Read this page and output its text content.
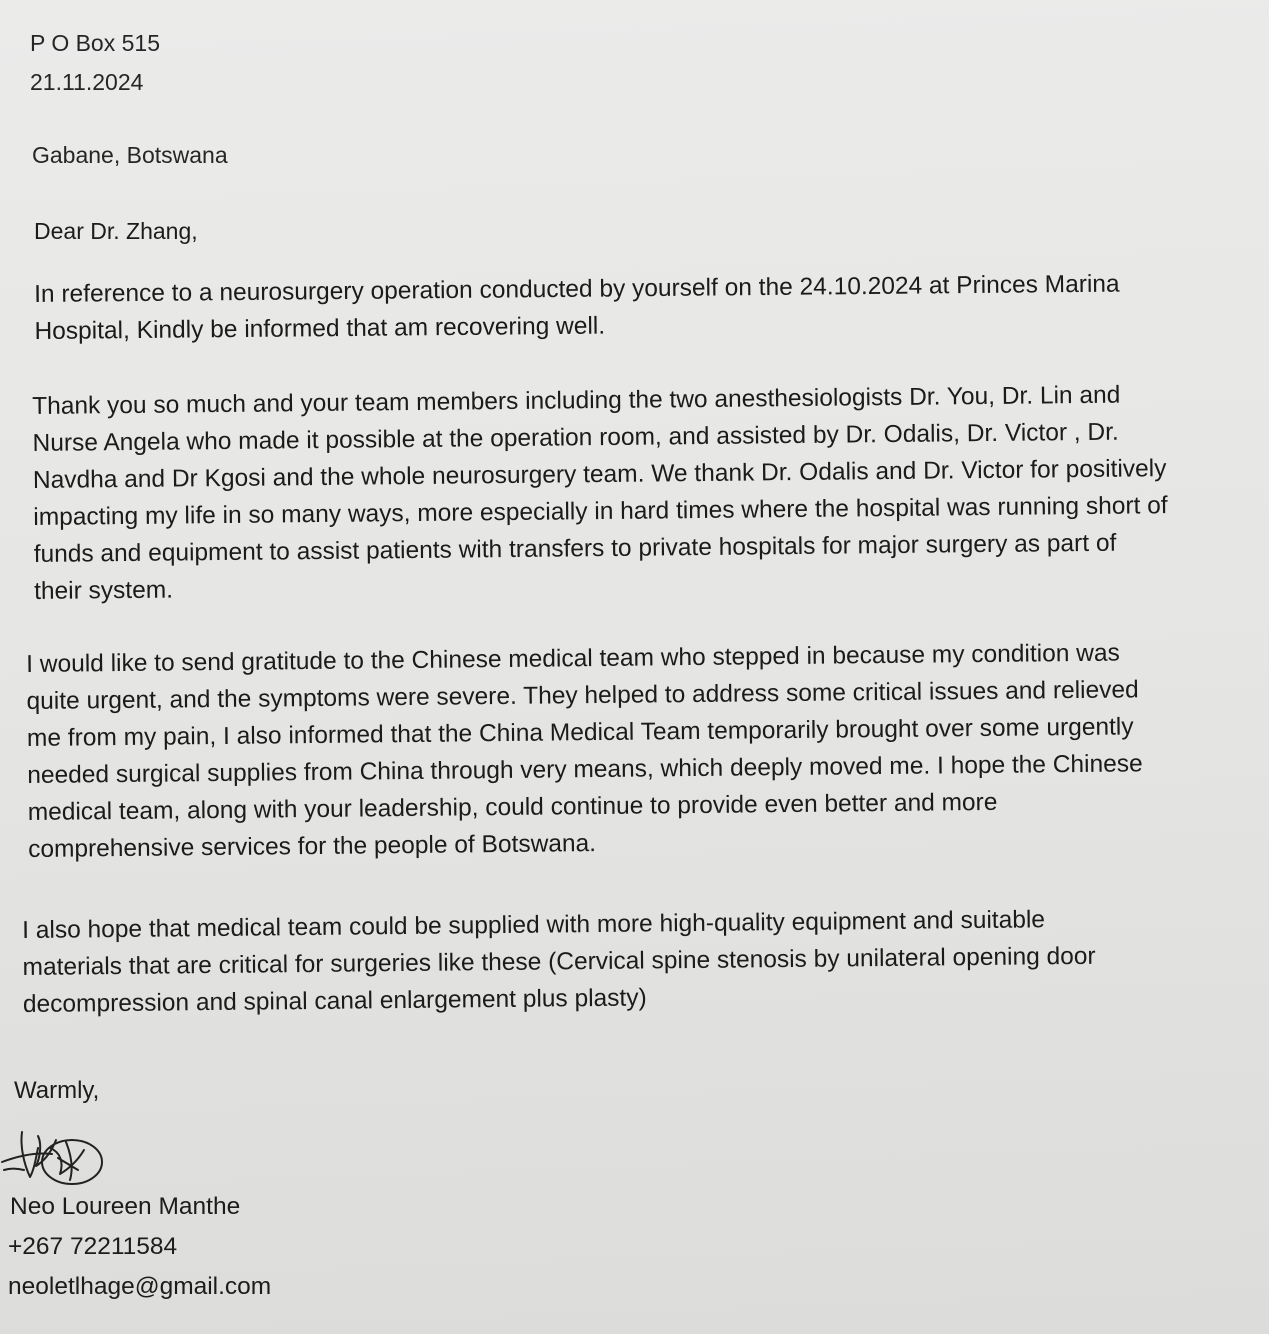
P O Box 515

21.11.2024

Gabane, Botswana

Dear Dr. Zhang,

In reference to a neurosurgery operation conducted by yourself on the 24.10.2024 at Princes Marina
Hospital, Kindly be informed that am recovering well.
Thank you so much and your team members including the two anesthesiologists Dr. You, Dr. Lin and
Nurse Angela who made it possible at the operation room, and assisted by Dr. Odalis, Dr. Victor , Dr.
Navdha and Dr Kgosi and the whole neurosurgery team. We thank Dr. Odalis and Dr. Victor for positively
impacting my life in so many ways, more especially in hard times where the hospital was running short of
funds and equipment to assist patients with transfers to private hospitals for major surgery as part of
their system.
I would like to send gratitude to the Chinese medical team who stepped in because my condition was
quite urgent, and the symptoms were severe. They helped to address some critical issues and relieved
me from my pain, I also informed that the China Medical Team temporarily brought over some urgently
needed surgical supplies from China through very means, which deeply moved me. I hope the Chinese
medical team, along with your leadership, could continue to provide even better and more
comprehensive services for the people of Botswana.
I also hope that medical team could be supplied with more high-quality equipment and suitable
materials that are critical for surgeries like these (Cervical spine stenosis by unilateral opening door
decompression and spinal canal enlargement plus plasty)

Warmly,

Neo Loureen Manthe

+267 72211584

neoletlhage@gmail.com
